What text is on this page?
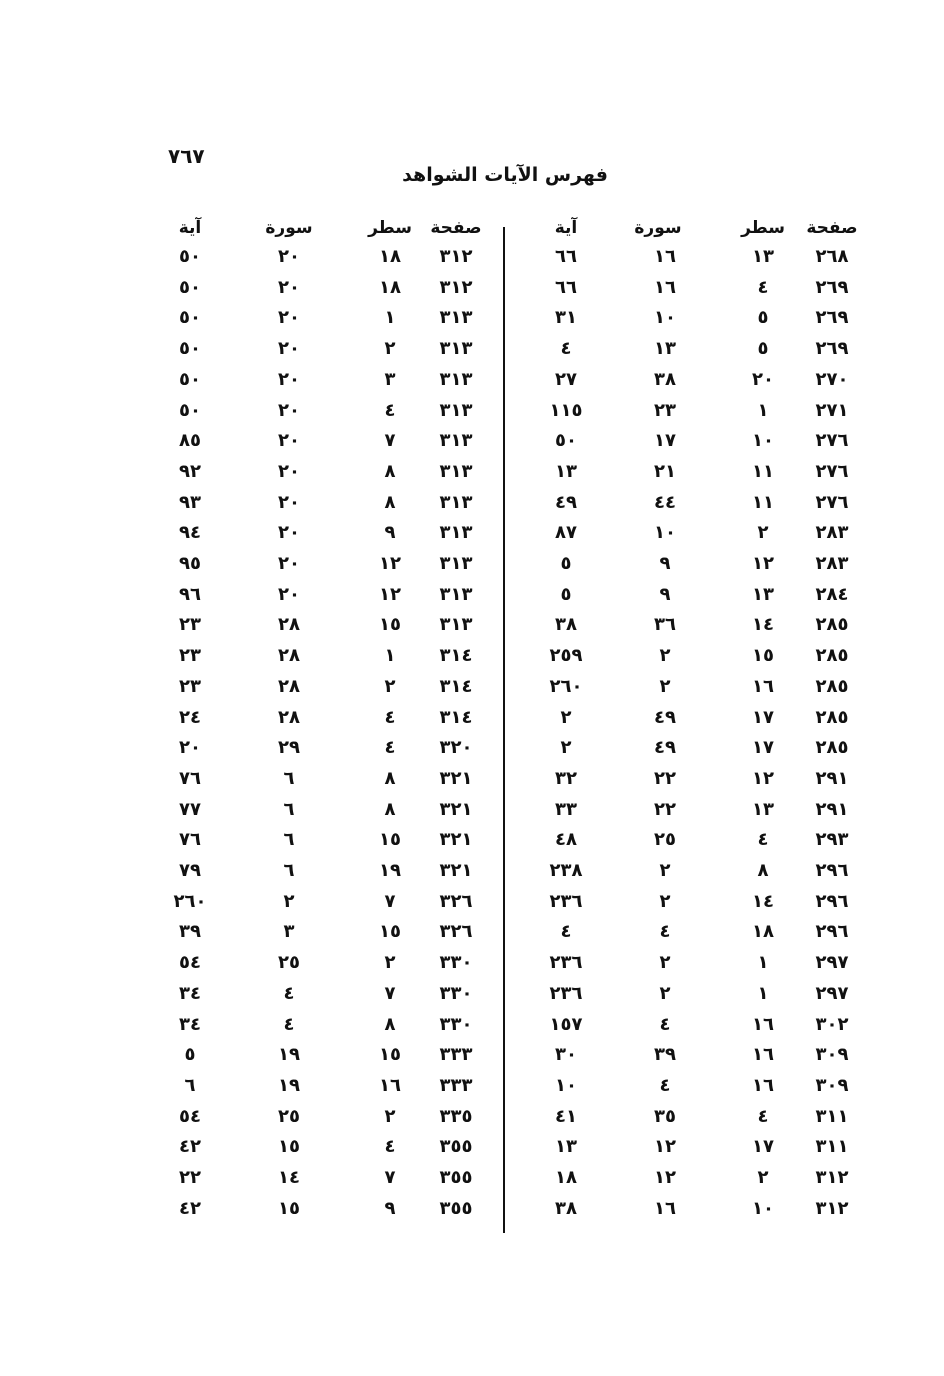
٧٦٧
فهرس الآيات الشواهد
صفحة
سطر
سورة
آية
صفحة
سطر
سورة
آية
٢٦٨
١٣
١٦
٦٦
٢٦٩
٤
١٦
٦٦
٢٦٩
٥
١٠
٣١
٢٦٩
٥
١٣
٤
٢٧٠
٢٠
٣٨
٢٧
٢٧١
١
٢٣
١١٥
٢٧٦
١٠
١٧
٥٠
٢٧٦
١١
٢١
١٣
٢٧٦
١١
٤٤
٤٩
٢٨٣
٢
١٠
٨٧
٢٨٣
١٢
٩
٥
٢٨٤
١٣
٩
٥
٢٨٥
١٤
٣٦
٣٨
٢٨٥
١٥
٢
٢٥٩
٢٨٥
١٦
٢
٢٦٠
٢٨٥
١٧
٤٩
٢
٢٨٥
١٧
٤٩
٢
٢٩١
١٢
٢٢
٣٢
٢٩١
١٣
٢٢
٣٣
٢٩٣
٤
٢٥
٤٨
٢٩٦
٨
٢
٢٣٨
٢٩٦
١٤
٢
٢٣٦
٢٩٦
١٨
٤
٤
٢٩٧
١
٢
٢٣٦
٢٩٧
١
٢
٢٣٦
٣٠٢
١٦
٤
١٥٧
٣٠٩
١٦
٣٩
٣٠
٣٠٩
١٦
٤
١٠
٣١١
٤
٣٥
٤١
٣١١
١٧
١٢
١٣
٣١٢
٢
١٢
١٨
٣١٢
١٠
١٦
٣٨
٣١٢
١٨
٢٠
٥٠
٣١٢
١٨
٢٠
٥٠
٣١٣
١
٢٠
٥٠
٣١٣
٢
٢٠
٥٠
٣١٣
٣
٢٠
٥٠
٣١٣
٤
٢٠
٥٠
٣١٣
٧
٢٠
٨٥
٣١٣
٨
٢٠
٩٢
٣١٣
٨
٢٠
٩٣
٣١٣
٩
٢٠
٩٤
٣١٣
١٢
٢٠
٩٥
٣١٣
١٢
٢٠
٩٦
٣١٣
١٥
٢٨
٢٣
٣١٤
١
٢٨
٢٣
٣١٤
٢
٢٨
٢٣
٣١٤
٤
٢٨
٢٤
٣٢٠
٤
٢٩
٢٠
٣٢١
٨
٦
٧٦
٣٢١
٨
٦
٧٧
٣٢١
١٥
٦
٧٦
٣٢١
١٩
٦
٧٩
٣٢٦
٧
٢
٢٦٠
٣٢٦
١٥
٣
٣٩
٣٣٠
٢
٢٥
٥٤
٣٣٠
٧
٤
٣٤
٣٣٠
٨
٤
٣٤
٣٣٣
١٥
١٩
٥
٣٣٣
١٦
١٩
٦
٣٣٥
٢
٢٥
٥٤
٣٥٥
٤
١٥
٤٢
٣٥٥
٧
١٤
٢٢
٣٥٥
٩
١٥
٤٢
